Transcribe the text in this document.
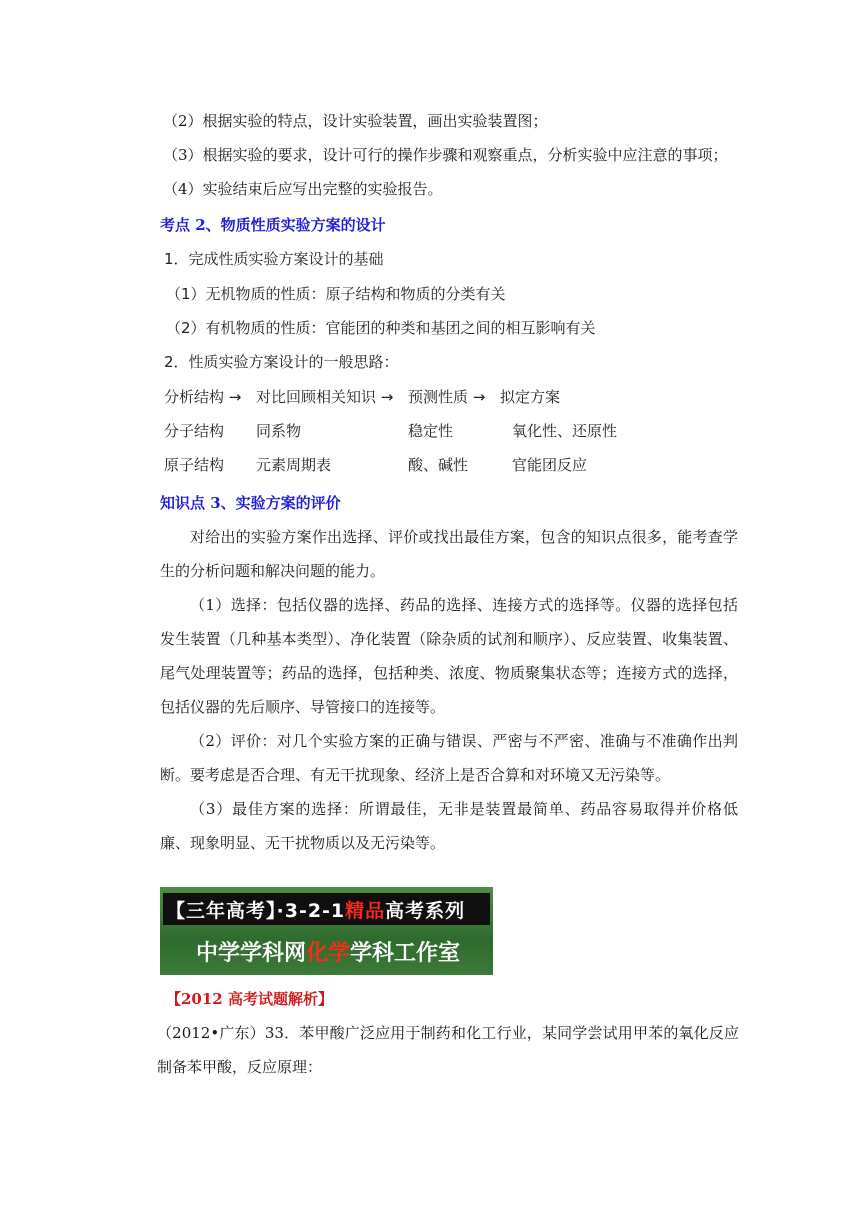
（2）根据实验的特点，设计实验装置，画出实验装置图；

（3）根据实验的要求，设计可行的操作步骤和观察重点，分析实验中应注意的事项；

（4）实验结束后应写出完整的实验报告。

考点 2、物质性质实验方案的设计

1．完成性质实验方案设计的基础
（1）无机物质的性质：原子结构和物质的分类有关
（2）有机物质的性质：官能团的种类和基团之间的相互影响有关
2．性质实验方案设计的一般思路：
分析结构 → 对比回顾相关知识 → 预测性质 → 拟定方案
分子结构 同系物	稳定性	氧化性、还原性
原子结构 元素周期表	酸、碱性	官能团反应

知识点 3、实验方案的评价

对给出的实验方案作出选择、评价或找出最佳方案，包含的知识点很多，能考查学生的分析问题和解决问题的能力。

（1）选择：包括仪器的选择、药品的选择、连接方式的选择等。仪器的选择包括发生装置（几种基本类型）、净化装置（除杂质的试剂和顺序）、反应装置、收集装置、尾气处理装置等；药品的选择，包括种类、浓度、物质聚集状态等；连接方式的选择，包括仪器的先后顺序、导管接口的连接等。

（2）评价：对几个实验方案的正确与错误、严密与不严密、准确与不准确作出判断。要考虑是否合理、有无干扰现象、经济上是否合算和对环境又无污染等。

（3）最佳方案的选择：所谓最佳，无非是装置最简单、药品容易取得并价格低廉、现象明显、无干扰物质以及无污染等。

【三年高考】·3-2-1精品高考系列
中学学科网化学学科工作室

【2012 高考试题解析】

（2012•广东）33．苯甲酸广泛应用于制药和化工行业，某同学尝试用甲苯的氧化反应制备苯甲酸，反应原理：
